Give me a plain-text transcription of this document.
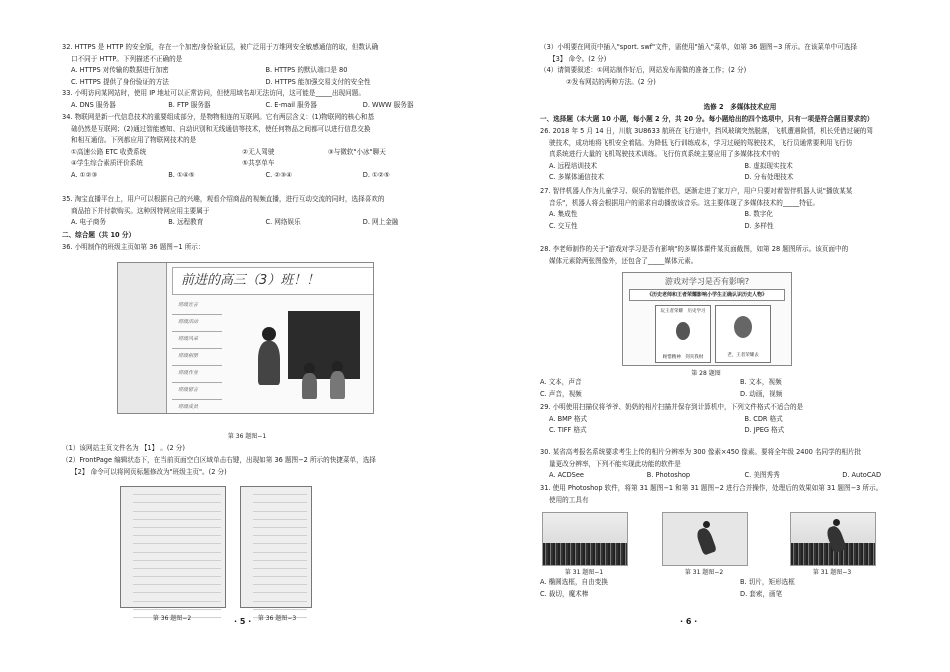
32. HTTPS 是 HTTP 的安全版，存在一个加密/身份验证层，被广泛用于万维网安全敏感通信的取，但数认确
口不同于 HTTP。下列描述不正确的是
A. HTTPS 对传输的数据进行加密	B. HTTPS 的默认端口是 80
C. HTTPS 提供了身份验证的方法	D. HTTPS 能加强交易支付的安全性
33. 小明访问某网站时，使用 IP 地址可以正常访问，但使用域名却无法访问，这可能是_____出现问题。
A. DNS 服务器	B. FTP 服务器	C. E-mail 服务器	D. WWW 服务器
34. 物联网是新一代信息技术的重要组成部分，是物物相连的互联网。它有两层含义：(1)物联网的核心和基
础仍然是互联网；(2)通过智能感知、自动识别和无线通信等技术，使任何物品之间都可以进行信息交换
和相互通信。下列都应用了物联网技术的是
①高速公路 ETC 收费系统	②无人驾驶	③与微软"小冰"聊天
④学生综合素质评价系统	⑤共享单车
A. ①②③	B. ①④⑤	C. ②③④	D. ①②⑤
35. 淘宝直播平台上，用户可以根据自己的兴趣，观看介绍商品的视频直播，进行互动交流的同时，选择喜欢的
商品拍下并付款购买。这种因特网应用主要属于
A. 电子商务	B. 远程教育	C. 网络娱乐	D. 网上金融
二、综合题（共 10 分）
36. 小明制作的班级主页如第 36 题图−1 所示：
前进的高三（3）班！！
班级宣言
班级活动
班级风采
班级相册
班级作业
班级留言
班级成员
第 36 题图−1
（1）该网站主页文件名为 【1】 。(2 分)
（2）FrontPage 编辑状态下，在当前页面空白区域单击右键，出现如第 36 题图−2 所示的快捷菜单，选择
【2】 命令可以将网页标题修改为"班级主页"。(2 分)
第 36 题图−2	第 36 题图−3
· 5 ·
（3）小明要在网页中插入"sport. swf"文件，需使用"插入"菜单，如第 36 题图−3 所示。在该菜单中可选择
【3】 命令。(2 分)
（4）请简要叙述：①网站制作好后，网站发布需做的准备工作；(2 分)
②发布网站的两种方法。(2 分)
选修 2　多媒体技术应用
一、选择题（本大题 10 小题，每小题 2 分，共 20 分。每小题给出的四个选项中，只有一项是符合题目要求的）
26. 2018 年 5 月 14 日，川航 3U8633 航班在飞行途中，挡风玻璃突然脱落，飞机遭遇险情，机长凭借过硬的驾
驶技术，成功地将飞机安全着陆。为降低飞行训练成本，学习过硬的驾驶技术，飞行员通常要利用飞行仿
真系统进行大量的飞机驾驶技术训练。飞行仿真系统主要应用了多媒体技术中的
A. 远程培训技术	B. 虚拟现实技术
C. 多媒体通信技术	D. 分布处理技术
27. 智伴机器人作为儿童学习、娱乐的智能伴侣，逐渐走进了家万户，用户只要对着智伴机器人说"播放某某
音乐"，机器人将会根据用户的需求自动播放该音乐。这主要体现了多媒体技术的_____特征。
A. 集成性	B. 数字化
C. 交互性	D. 多样性
28. 李老师制作的关于"游戏对学习是否有影响"的多媒体课件某页面截图，如第 28 题图所示。该页面中的
媒体元素除两张图像外，还包含了_____媒体元素。
游戏对学习是否有影响?
《历史老师和王者荣耀影响小学生正确认识历史人物》
玩王者荣耀　历史学习
顾惜精神　剑夹我财	老，王者荣耀去
第 28 题图
A. 文本，声音	B. 文本，视频
C. 声音，视频	D. 动画，视频
29. 小明使用扫描仪将爷爷、奶奶的相片扫描并保存到计算机中，下列文件格式不适合的是
A. BMP 格式	B. CDR 格式
C. TIFF 格式	D. JPEG 格式
30. 某省高考报名系统要求考生上传的相片分辨率为 300 像素×450 像素。要将全年级 2400 名同学的相片批
量更改分辨率，下列不能实现此功能的软件是
A. ACDSee	B. Photoshop	C. 美图秀秀	D. AutoCAD
31. 使用 Photoshop 软件，将第 31 题图−1 和第 31 题图−2 进行合并操作，处理后的效果如第 31 题图−3 所示。
使用的工具有
第 31 题图−1	第 31 题图−2	第 31 题图−3
A. 椭圆选框，自由变换	B. 切片，矩形选框
C. 裁切，魔术棒	D. 套索，画笔
· 6 ·
